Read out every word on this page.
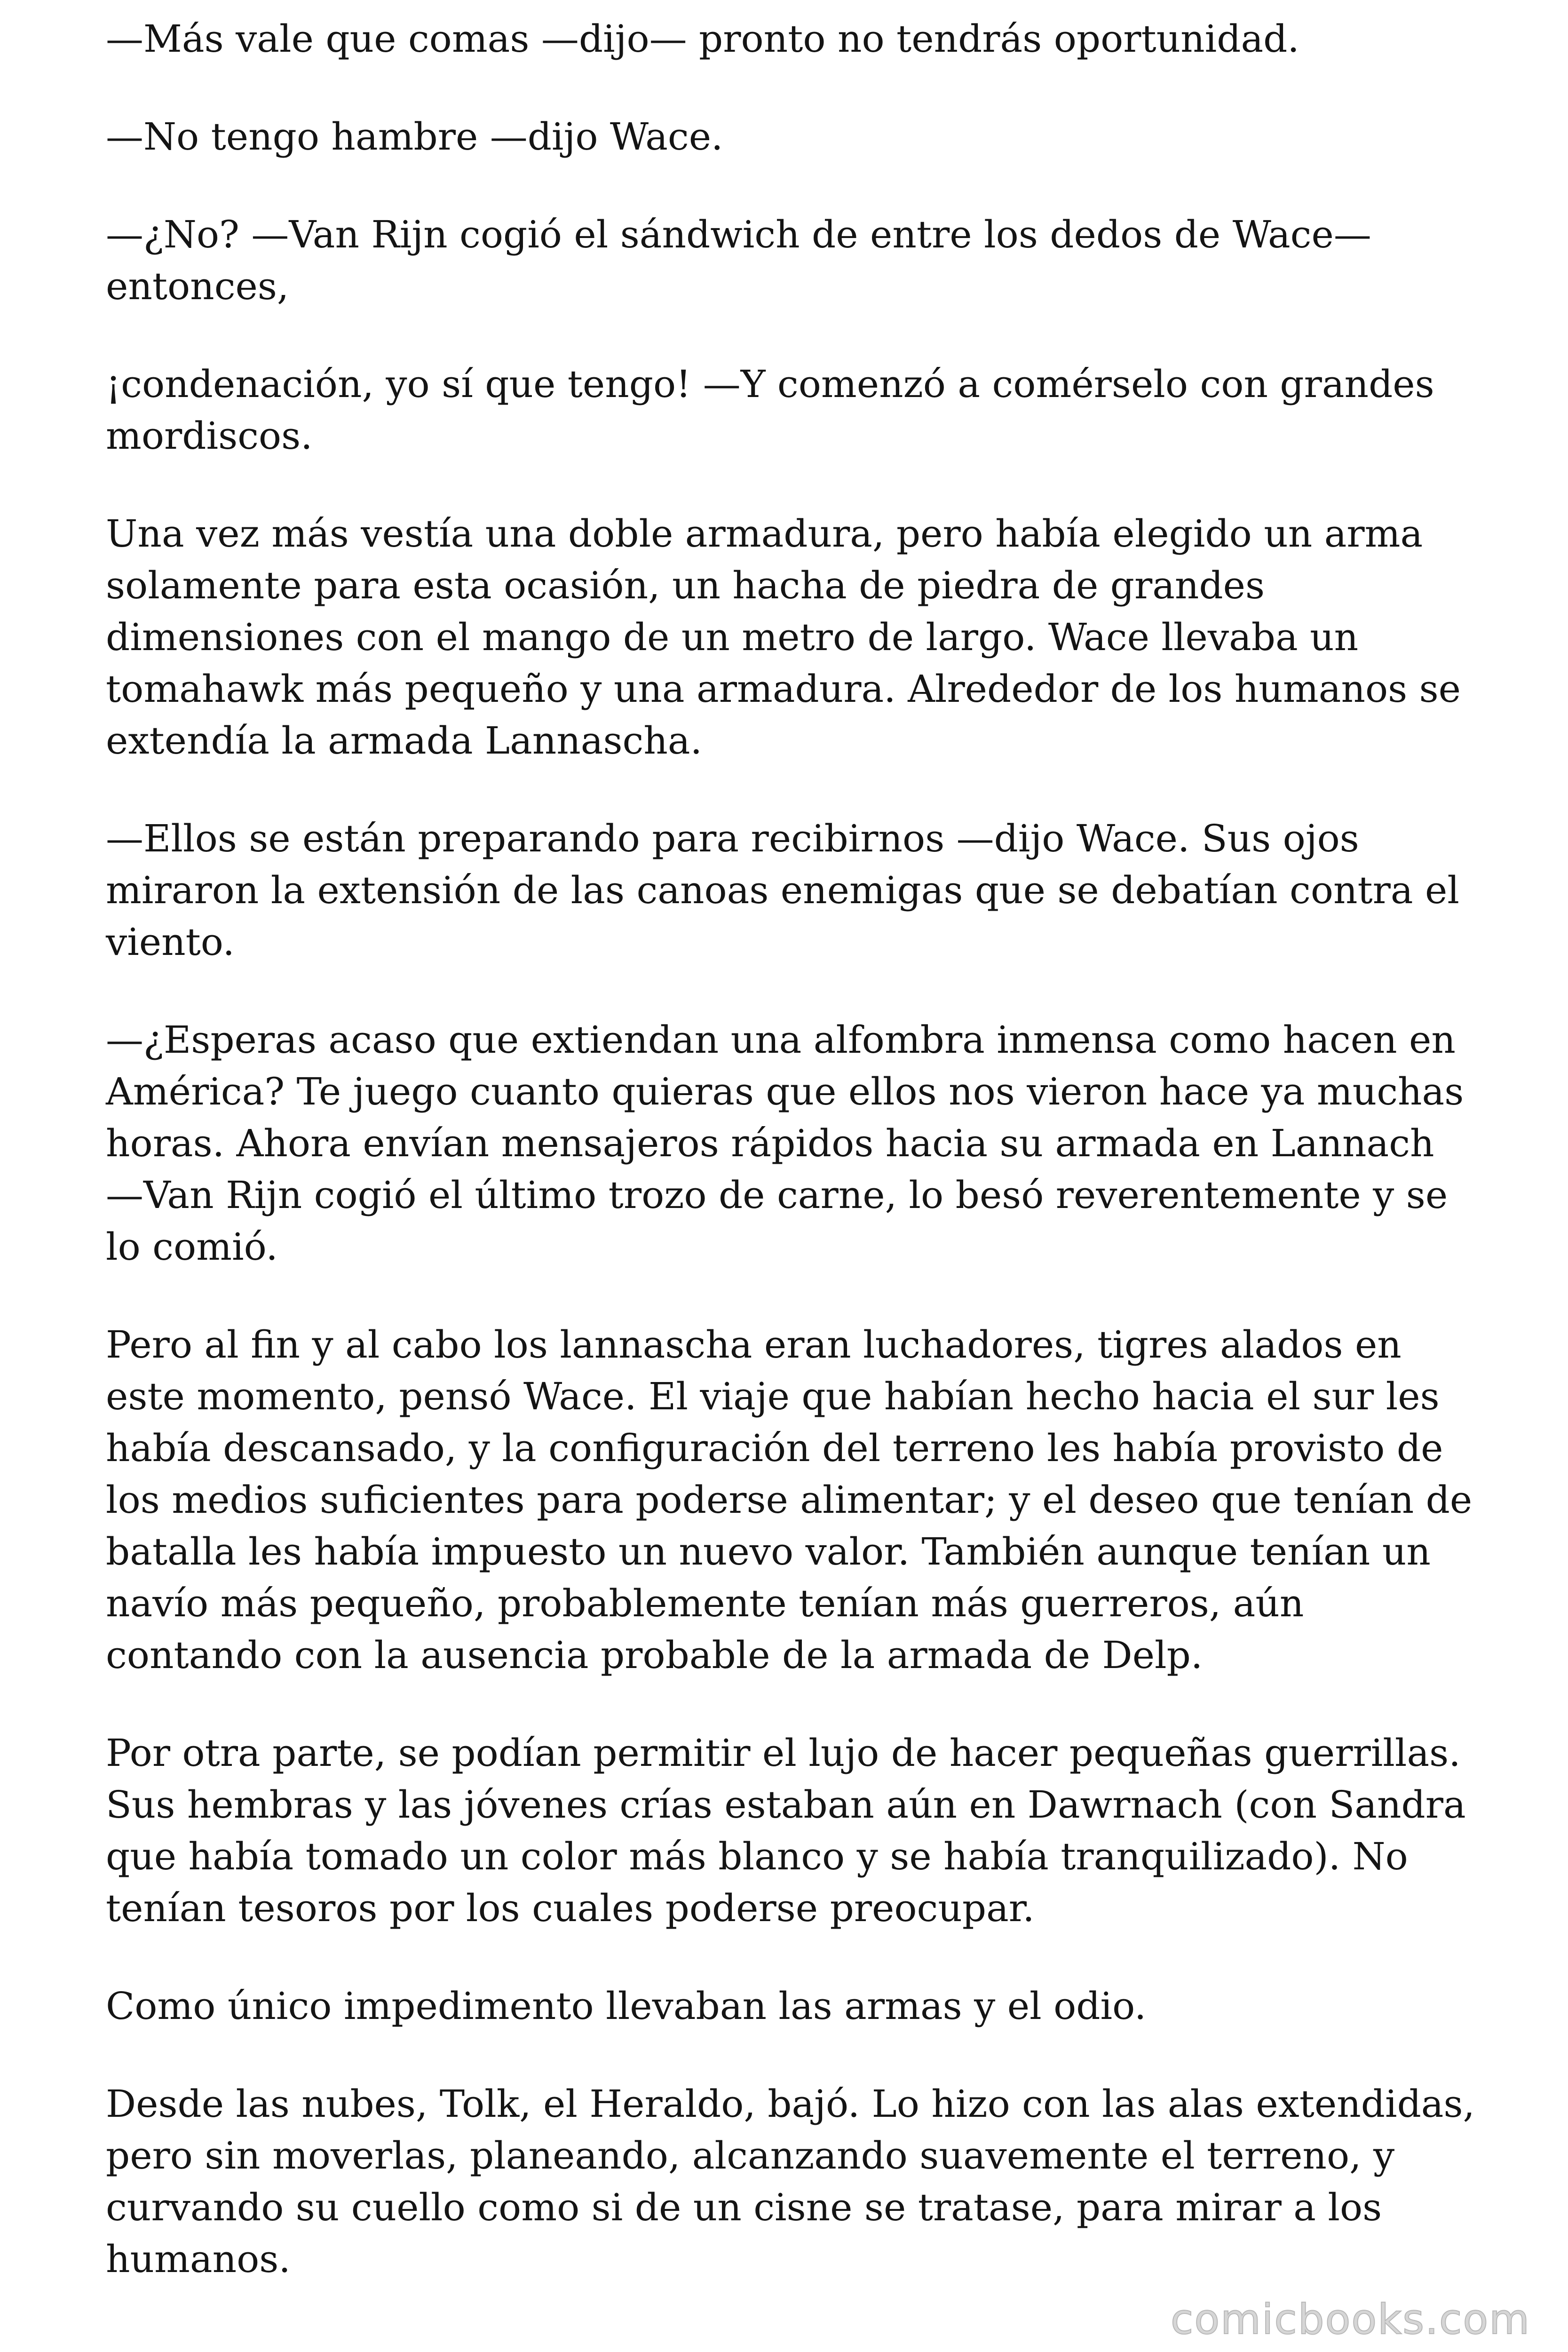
—Más vale que comas —dijo— pronto no tendrás oportunidad.

—No tengo hambre —dijo Wace.

—¿No? —Van Rijn cogió el sándwich de entre los dedos de Wace— entonces,

¡condenación, yo sí que tengo! —Y comenzó a comérselo con grandes mordiscos.

Una vez más vestía una doble armadura, pero había elegido un arma solamente para esta ocasión, un hacha de piedra de grandes dimensiones con el mango de un metro de largo. Wace llevaba un tomahawk más pequeño y una armadura. Alrededor de los humanos se extendía la armada Lannascha.

—Ellos se están preparando para recibirnos —dijo Wace. Sus ojos miraron la extensión de las canoas enemigas que se debatían contra el viento.

—¿Esperas acaso que extiendan una alfombra inmensa como hacen en América? Te juego cuanto quieras que ellos nos vieron hace ya muchas horas. Ahora envían mensajeros rápidos hacia su armada en Lannach —Van Rijn cogió el último trozo de carne, lo besó reverentemente y se lo comió.

Pero al fin y al cabo los lannascha eran luchadores, tigres alados en este momento, pensó Wace. El viaje que habían hecho hacia el sur les había descansado, y la configuración del terreno les había provisto de los medios suficientes para poderse alimentar; y el deseo que tenían de batalla les había impuesto un nuevo valor. También aunque tenían un navío más pequeño, probablemente tenían más guerreros, aún contando con la ausencia probable de la armada de Delp.

Por otra parte, se podían permitir el lujo de hacer pequeñas guerrillas. Sus hembras y las jóvenes crías estaban aún en Dawrnach (con Sandra que había tomado un color más blanco y se había tranquilizado). No tenían tesoros por los cuales poderse preocupar.

Como único impedimento llevaban las armas y el odio.

Desde las nubes, Tolk, el Heraldo, bajó. Lo hizo con las alas extendidas, pero sin moverlas, planeando, alcanzando suavemente el terreno, y curvando su cuello como si de un cisne se tratase, para mirar a los humanos.

comicbooks.com
